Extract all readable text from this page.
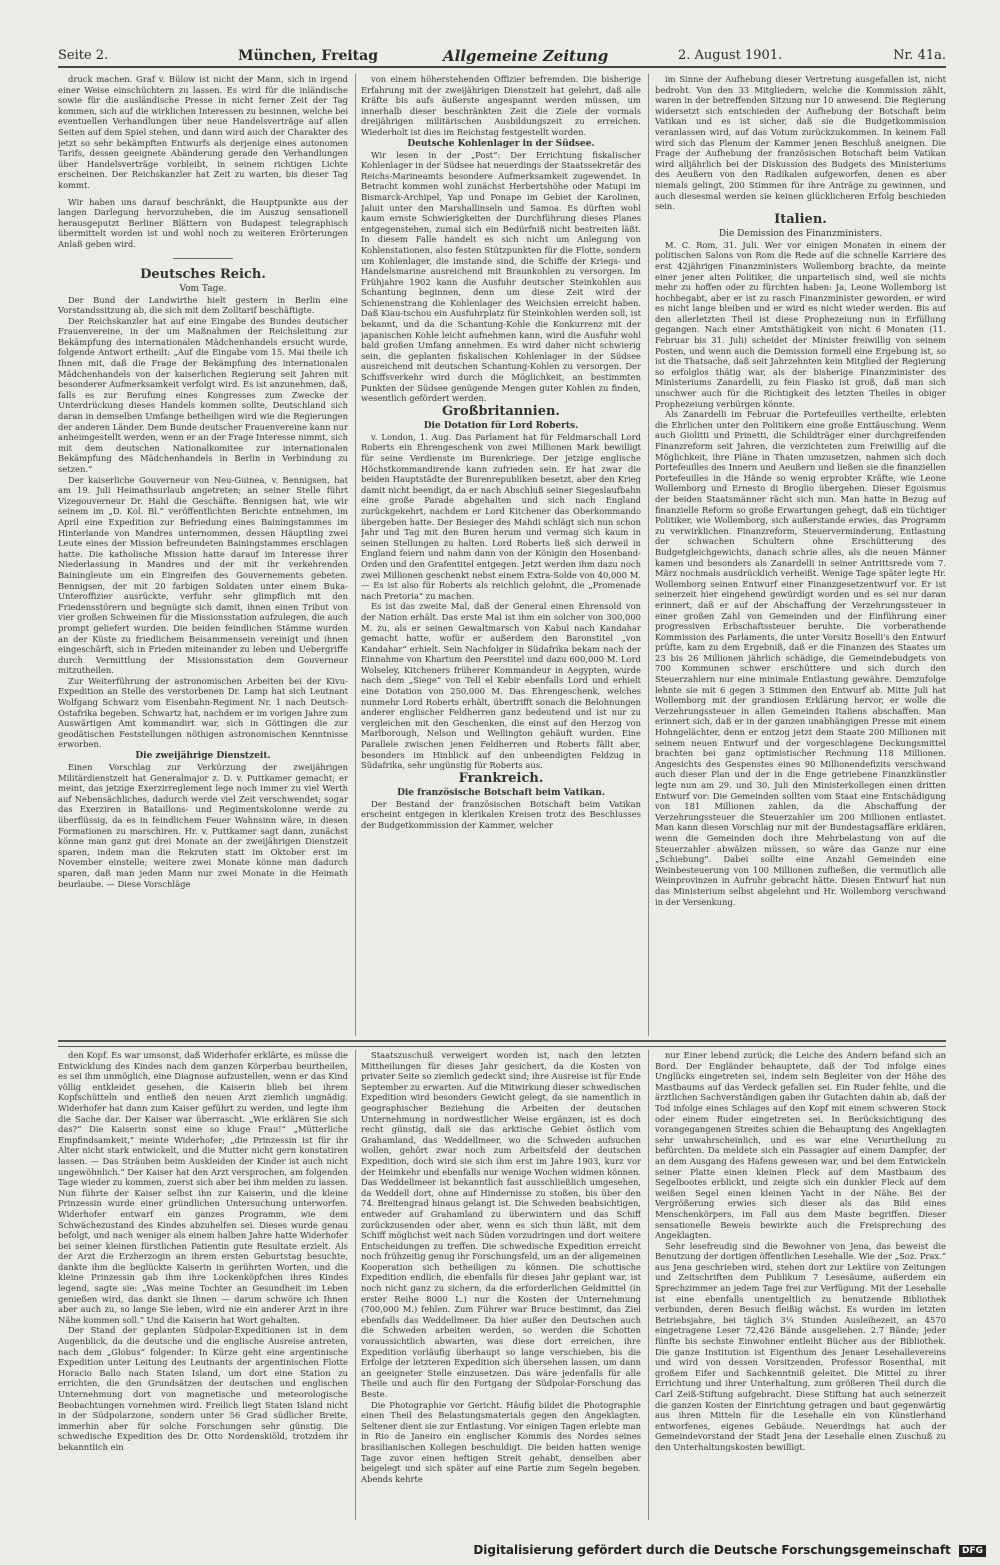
Seite 2.	München, Freitag	Allgemeine Zeitung	2. August 1901.	Nr. 41a.

druck machen. Graf v. Bülow ist nicht der Mann, sich in irgend einer Weise einschüchtern zu lassen. Es wird für die inländische sowie für die ausländische Presse in nicht ferner Zeit der Tag kommen, sich auf die wirklichen Interessen zu besinnen, welche bei eventuellen Verhandlungen über neue Handelsverträge auf allen Seiten auf dem Spiel stehen, und dann wird auch der Charakter des jetzt so sehr bekämpften Entwurfs als derjenige eines autonomen Tarifs, dessen geeignete Abänderung gerade den Verhandlungen über Handelsverträge vorbleibt, in seinem richtigen Lichte erscheinen. Der Reichskanzler hat Zeit zu warten, bis dieser Tag kommt.

Wir haben uns darauf beschränkt, die Hauptpunkte aus der langen Darlegung hervorzuheben, die im Auszug sensationell herausgeputzt Berliner Blättern von Budapest telegraphisch übermittelt worden ist und wohl noch zu weiteren Erörterungen Anlaß geben wird.

Deutsches Reich.

Vom Tage.

Der Bund der Landwirthe hielt gestern in Berlin eine Vorstandssitzung ab, die sich mit dem Zolltarif beschäftigte.

Der Reichskanzler hat auf eine Eingabe des Bundes deutscher Frauenvereine, in der um Maßnahmen der Reichsleitung zur Bekämpfung des internationalen Mädchenhandels ersucht wurde, folgende Antwort ertheilt: „Auf die Eingabe vom 15. Mai theile ich Ihnen mit, daß die Frage der Bekämpfung des internationalen Mädchenhandels von der kaiserlichen Regierung seit Jahren mit besonderer Aufmerksamkeit verfolgt wird. Es ist anzunehmen, daß, falls es zur Berufung eines Kongresses zum Zwecke der Unterdrückung dieses Handels kommen sollte, Deutschland sich daran in demselben Umfange betheiligen wird wie die Regierungen der anderen Länder. Dem Bunde deutscher Frauenvereine kann nur anheimgestellt werden, wenn er an der Frage Interesse nimmt, sich mit dem deutschen Nationalkomitee zur internationalen Bekämpfung des Mädchenhandels in Berlin in Verbindung zu setzen.“

Der kaiserliche Gouverneur von Neu-Guinea, v. Bennigsen, hat am 19. Juli Heimathsurlaub angetreten; an seiner Stelle führt Vizegouverneur Dr. Hahl die Geschäfte. Bennigsen hat, wie wir seinem im „D. Kol. Bl.“ veröffentlichten Berichte entnehmen, im April eine Expedition zur Befriedung eines Bainingstammes im Hinterlande von Mandres unternommen, dessen Häuptling zwei Leute eines der Mission befreundeten Bainingstammes erschlagen hatte. Die katholische Mission hatte darauf im Interesse ihrer Niederlassung in Mandres und der mit ihr verkehrenden Bainingleute um ein Eingreifen des Gouvernements gebeten. Bennigsen, der mit 20 farbigen Soldaten unter einem Buka-Unteroffizier ausrückte, verfuhr sehr glimpflich mit den Friedensstörern und begnügte sich damit, ihnen einen Tribut von vier großen Schweinen für die Missionsstation aufzulegen, die auch prompt geliefert wurden. Die beiden feindlichen Stämme wurden an der Küste zu friedlichem Beisammensein vereinigt und ihnen eingeschärft, sich in Frieden miteinander zu leben und Uebergriffe durch Vermittlung der Missionsstation dem Gouverneur mitzutheilen.

Zur Weiterführung der astronomischen Arbeiten bei der Kivu-Expedition an Stelle des verstorbenen Dr. Lamp hat sich Leutnant Wolfgang Schwarz vom Eisenbahn-Regiment Nr. 1 nach Deutsch-Ostafrika begeben. Schwartz hat, nachdem er im vorigen Jahre zum Auswärtigen Amt kommandirt war, sich in Göttingen die zur geodätischen Feststellungen nöthigen astronomischen Kenntnisse erworben.

Die zweijährige Dienstzeit.

Einen Vorschlag zur Verkürzung der zweijährigen Militärdienstzeit hat Generalmajor z. D. v. Puttkamer gemacht; er meint, das jetzige Exerzirreglement lege noch immer zu viel Werth auf Nebensächliches, dadurch werde viel Zeit verschwendet; sogar das Exerziren in Bataillons- und Regimentskolonne werde zu überflüssig, da es in feindlichem Feuer Wahnsinn wäre, in diesen Formationen zu marschiren. Hr. v. Puttkamer sagt dann, zunächst könne man ganz gut drei Monate an der zweijährigen Dienstzeit sparen, indem man die Rekruten statt im Oktober erst im November einstelle; weitere zwei Monate könne man dadurch sparen, daß man jeden Mann nur zwei Monate in die Heimath beurlaube. — Diese Vorschläge

von einem höherstehenden Offizier befremden. Die bisherige Erfahrung mit der zweijährigen Dienstzeit hat gelehrt, daß alle Kräfte bis aufs äußerste angespannt werden müssen, um innerhalb dieser beschränkten Zeit die Ziele der vormals dreijährigen militärischen Ausbildungszeit zu erreichen. Wiederholt ist dies im Reichstag festgestellt worden.

Deutsche Kohlenlager in der Südsee.

Wir lesen in der „Post“: Der Errichtung fiskalischer Kohlenlager in der Südsee hat neuerdings der Staatssekretär des Reichs-Marineamts besondere Aufmerksamkeit zugewendet. In Betracht kommen wohl zunächst Herbertshöhe oder Matupi im Bismarck-Archipel, Yap und Ponape im Gebiet der Karolinen, Jaluit unter den Marshallinseln und Samoa. Es dürften wohl kaum ernste Schwierigkeiten der Durchführung dieses Planes entgegenstehen, zumal sich ein Bedürfniß nicht bestreiten läßt. In diesem Falle handelt es sich nicht um Anlegung von Kohlenstationen, also festen Stützpunkten für die Flotte, sondern um Kohlenlager, die imstande sind, die Schiffe der Kriegs- und Handelsmarine ausreichend mit Braunkohlen zu versorgen. Im Frühjahre 1902 kann die Ausfuhr deutscher Steinkohlen aus Schantung beginnen, denn um diese Zeit wird der Schienenstrang die Kohlenlager des Weichsien erreicht haben. Daß Kiau-tschou ein Ausfuhrplatz für Steinkohlen werden soll, ist bekannt, und da die Schantung-Kohle die Konkurrenz mit der japanischen Kohle leicht aufnehmen kann, wird die Ausfuhr wohl bald großen Umfang annehmen. Es wird daher nicht schwierig sein, die geplanten fiskalischen Kohlenlager in der Südsee ausreichend mit deutschen Schantung-Kohlen zu versorgen. Der Schiffsverkehr wird durch die Möglichkeit, an bestimmten Punkten der Südsee genügende Mengen guter Kohlen zu finden, wesentlich gefördert werden.

Großbritannien.

Die Dotation für Lord Roberts.

v. London, 1. Aug. Das Parlament hat für Feldmarschall Lord Roberts ein Ehrengeschenk von zwei Millionen Mark bewilligt für seine Verdienste im Burenkriege. Der jetzige englische Höchstkommandirende kann zufrieden sein. Er hat zwar die beiden Hauptstädte der Burenrepubliken besetzt, aber den Krieg damit nicht beendigt, da er nach Abschluß seiner Siegeslaufbahn eine große Parade abgehalten und sich nach England zurückgekehrt, nachdem er Lord Kitchener das Oberkommando übergeben hatte. Der Besieger des Mahdi schlägt sich nun schon Jahr und Tag mit den Buren herum und vermag sich kaum in seinen Stellungen zu halten. Lord Roberts ließ sich derweil in England feiern und nahm dann von der Königin den Hosenband-Orden und den Grafentitel entgegen. Jetzt werden ihm dazu noch zwei Millionen geschenkt nebst einem Extra-Solde von 40,000 M. — Es ist also für Roberts als reichlich gelohnt, die „Promenade nach Pretoria“ zu machen.

Es ist das zweite Mal, daß der General einen Ehrensold von der Nation erhält. Das erste Mal ist ihm ein solcher von 300,000 M. zu, als er seinen Gewaltmarsch von Kabul nach Kandahar gemacht hatte, wofür er außerdem den Baronstitel „von Kandahar“ erhielt. Sein Nachfolger in Südafrika bekam nach der Einnahme von Khartum den Peerstitel und dazu 600,000 M. Lord Wolseley, Kitcheners früherer Kommandeur in Aegypten, wurde nach dem „Siege“ von Tell el Kebir ebenfalls Lord und erhielt eine Dotation von 250,000 M. Das Ehrengeschenk, welches nunmehr Lord Roberts erhält, übertrifft sonach die Belohnungen anderer englischer Feldherren ganz bedeutend und ist nur zu vergleichen mit den Geschenken, die einst auf den Herzog von Marlborough, Nelson und Wellington gehäuft wurden. Eine Parallele zwischen jenen Feldherren und Roberts fällt aber, besonders im Hinblick auf den unbeendigten Feldzug in Südafrika, sehr ungünstig für Roberts aus.

Frankreich.

Die französische Botschaft beim Vatikan.

Der Bestand der französischen Botschaft beim Vatikan erscheint entgegen in klerikalen Kreisen trotz des Beschlusses der Budgetkommission der Kammer, welcher

im Sinne der Aufhebung dieser Vertretung ausgefallen ist, nicht bedroht. Von den 33 Mitgliedern, welche die Kommission zählt, waren in der betreffenden Sitzung nur 10 anwesend. Die Regierung widersetzt sich entschieden der Aufhebung der Botschaft beim Vatikan und es ist sicher, daß sie die Budgetkommission veranlassen wird, auf das Votum zurückzukommen. In keinem Fall wird sich das Plenum der Kammer jenen Beschluß aneignen. Die Frage der Aufhebung der französischen Botschaft beim Vatikan wird alljährlich bei der Diskussion des Budgets des Ministeriums des Aeußern von den Radikalen aufgeworfen, denen es aber niemals gelingt, 200 Stimmen für ihre Anträge zu gewinnen, und auch diesesmal werden sie keinen glücklicheren Erfolg beschieden sein.

Italien.

Die Demission des Finanzministers.

M. C. Rom, 31. Juli. Wer vor einigen Monaten in einem der politischen Salons von Rom die Rede auf die schnelle Karriere des erst 42jährigen Finanzministers Wollemborg brachte, da meinte einer jener alten Politiker, die unparteiisch sind, weil sie nichts mehr zu hoffen oder zu fürchten haben: Ja, Leone Wollemborg ist hochbegabt, aber er ist zu rasch Finanzminister geworden, er wird es nicht lange bleiben und er wird es nicht wieder werden. Bis auf den allerletzten Theil ist diese Prophezeiung nun in Erfüllung gegangen. Nach einer Amtsthätigkeit von nicht 6 Monaten (11. Februar bis 31. Juli) scheidet der Minister freiwillig von seinem Posten, und wenn auch die Demission formell eine Ergebung ist, so ist die Thatsache, daß seit Jahrzehnten kein Mitglied der Regierung so erfolglos thätig war, als der bisherige Finanzminister des Ministeriums Zanardelli, zu fein Fiasko ist groß, daß man sich unschwer auch für die Richtigkeit des letzten Theiles in obiger Prophezeiung verbürgen könnte.

Als Zanardelli im Februar die Portefeuilles vertheilte, erlebten die Ehrlichen unter den Politikern eine große Enttäuschung. Wenn auch Giolitti und Prinetti, die Schildträger einer durchgreifenden Finanzreform seit Jahren, die verzichteten zum Freiwillig auf die Möglichkeit, ihre Pläne in Thaten umzusetzen, nahmen sich doch Portefeuilles des Innern und Aeußern und ließen sie die finanziellen Portefeuilles in die Hände so wenig erprobter Kräfte, wie Leone Wollemborg und Ernesto di Broglio übergehen. Dieser Egoismus der beiden Staatsmänner rächt sich nun. Man hatte in Bezug auf finanzielle Reform so große Erwartungen gehegt, daß ein tüchtiger Politiker, wie Wollemborg, sich außerstande erwies, das Programm zu verwirklichen. Finanzreform, Steuerverminderung, Entlastung der schwachen Schultern ohne Erschütterung des Budgetgleichgewichts, danach schrie alles, als die neuen Männer kamen und besonders als Zanardelli in seiner Antrittsrede vom 7. März nochmals ausdrücklich verheißt. Wenige Tage später legte Hr. Wollemborg seinen Entwurf einer Finanzgesetzentwurf vor. Er ist seinerzeit hier eingehend gewürdigt worden und es sei nur daran erinnert, daß er auf der Abschaffung der Verzehrungssteuer in einer großen Zahl von Gemeinden und der Einführung einer progressiven Erbschaftssteuer beruhte. Die vorberathende Kommission des Parlaments, die unter Vorsitz Boselli's den Entwurf prüfte, kam zu dem Ergebniß, daß er die Finanzen des Staates um 23 bis 26 Millionen jährlich schädige, die Gemeindebudgets von 700 Kommunen schwer erschüttere und sich durch den Steuerzahlern nur eine minimale Entlastung gewähre. Demzufolge lehnte sie mit 6 gegen 3 Stimmen den Entwurf ab. Mitte Juli hat Wollemborg mit der grandiosen Erklärung hervor, er wolle die Verzehrungssteuer in allen Gemeinden Italiens abschaffen. Man erinnert sich, daß er in der ganzen unabhängigen Presse mit einem Hohngelächter, denn er entzog jetzt dem Staate 200 Millionen mit seinem neuen Entwurf und der vorgeschlagene Deckungsmittel brachten bei ganz optimistischer Rechnung 118 Millionen. Angesichts des Gespenstes eines 90 Millionendefizits verschwand auch dieser Plan und der in die Enge getriebene Finanzkünstler legte nun am 29. und 30. Juli den Ministerkollegen einen dritten Entwurf vor: Die Gemeinden sollten vom Staat eine Entschädigung von 181 Millionen zahlen, da die Abschaffung der Verzehrungssteuer die Steuerzahler um 200 Millionen entlastet. Man kann diesen Vorschlag nur mit der Bundestagsaffäre erklären, wenn die Gemeinden doch ihre Mehrbelastung von auf die Steuerzahler abwälzen müssen, so wäre das Ganze nur eine „Schiebung“. Dabei sollte eine Anzahl Gemeinden eine Weinbesteuerung von 100 Millionen zufließen, die vermutlich alle Weinprovinzen in Aufruhr gebracht hätte. Diesen Entwurf hat nun das Ministerium selbst abgelehnt und Hr. Wollemborg verschwand in der Versenkung.

den Kopf. Es war umsonst, daß Widerhofer erklärte, es müsse die Entwicklung des Kindes nach dem ganzen Körperbau beurtheilen, es sei ihm unmöglich, eine Diagnose aufzustellen, wenn er das Kind völlig entkleidet gesehen, die Kaiserin blieb bei ihrem Kopfschütteln und entließ den neuen Arzt ziemlich ungnädig. Widerhofer hat dann zum Kaiser geführt zu werden, und legte ihm die Sache dar. Der Kaiser war überrascht. „Wie erklären Sie sich das?“ Die Kaiserin sonst eine so kluge Frau!“ „Mütterliche Empfindsamkeit,“ meinte Widerhofer; „die Prinzessin ist für ihr Alter nicht stark entwickelt, und die Mutter nicht gern konstatiren lassen. — Das Sträuben beim Auskleiden der Kinder ist auch nicht ungewöhnlich.“ Der Kaiser hat den Arzt versprochen, am folgenden Tage wieder zu kommen, zuerst sich aber bei ihm melden zu lassen. Nun führte der Kaiser selbst ihn zur Kaiserin, und die kleine Prinzessin wurde einer gründlichen Untersuchung unterworfen. Widerhofer entwarf ein ganzes Programm, wie dem Schwächezustand des Kindes abzuhelfen sei. Dieses wurde genau befolgt, und nach weniger als einem halben Jahre hatte Widerhofer bei seiner kleinen fürstlichen Patientin gute Resultate erzielt. Als der Arzt die Erzherzogin an ihrem ersten Geburtstag besuchte, dankte ihm die beglückte Kaiserin in gerührten Worten, und die kleine Prinzessin gab ihm ihre Lockenköpfchen ihres Kindes legend, sagte sie: „Was meine Tochter an Gesundheit im Leben genießen wird, das dankt sie Ihnen — darum schwöre ich Ihnen aber auch zu, so lange Sie leben, wird nie ein anderer Arzt in ihre Nähe kommen soll.“ Und die Kaiserin hat Wort gehalten.

Der Stand der geplanten Südpolar-Expeditionen ist in dem Augenblick, da die deutsche und die englische Ausreise antreten, nach dem „Globus“ folgender: In Kürze geht eine argentinische Expedition unter Leitung des Leutnants der argentinischen Flotte Horacio Ballo nach Staten Island, um dort eine Station zu errichten, die den Grundsätzen der deutschen und englischen Unternehmung dort von magnetische und meteorologische Beobachtungen vornehmen wird. Freilich liegt Staten Island nicht in der Südpolarzone, sondern unter 56 Grad südlicher Breite, immerhin aber für solche Forschungen sehr günstig. Die schwedische Expedition des Dr. Otto Nordenskiöld, trotzdem ihr bekanntlich ein

Staatszuschuß verweigert worden ist, nach den letzten Mittheilungen für dieses Jahr gesichert, da die Kosten von privater Seite so ziemlich gedeckt sind; ihre Ausreise ist für Ende September zu erwarten. Auf die Mitwirkung dieser schwedischen Expedition wird besonders Gewicht gelegt, da sie namentlich in geographischer Beziehung die Arbeiten der deutschen Unternehmung in nordwestlicher Weise ergänzen, ist es doch recht günstig, daß sie das arktische Gebiet östlich vom Grahamland, das Weddellmeer, wo die Schweden aufsuchen wollen, gehört zwar noch zum Arbeitsfeld der deutschen Expedition, doch wird sie sich ihm erst im Jahre 1903, kurz vor der Heimkehr und ebenfalls nur wenige Wochen widmen können. Das Weddellmeer ist bekanntlich fast ausschließlich umgesehen, da Weddell dort, ohne auf Hindernisse zu stoßen, bis über den 74. Breitengrad hinaus gelangt ist. Die Schweden beabsichtigen, entweder auf Grahamland zu überwintern und das Schiff zurückzusenden oder aber, wenn es sich thun läßt, mit dem Schiff möglichst weit nach Süden vorzudringen und dort weitere Entscheidungen zu treffen. Die schwedische Expedition erreicht noch frühzeitig genug ihr Forschungsfeld, um an der allgemeinen Kooperation sich betheiligen zu können. Die schottische Expedition endlich, die ebenfalls für dieses Jahr geplant war, ist noch nicht ganz zu sichern, da die erforderlichen Geldmittel (in erster Reihe 8000 L.) nur die Kosten der Unternehmung (700,000 M.) fehlen. Zum Führer war Bruce bestimmt, das Ziel ebenfalls das Weddellmeer. Da hier außer den Deutschen auch die Schweden arbeiten werden, so werden die Schotten voraussichtlich abwarten, was diese dort erreichen, ihre Expedition vorläufig überhaupt so lange verschieben, bis die Erfolge der letzteren Expedition sich übersehen lassen, um dann an geeigneter Stelle einzusetzen. Das wäre jedenfalls für alle Theile und auch für den Fortgang der Südpolar-Forschung das Beste.

Die Photographie vor Gericht. Häufig bildet die Photographie einen Theil des Belastungsmaterials gegen den Angeklagten. Seltener dient sie zur Entlastung. Vor einigen Tagen erlebte man in Rio de Janeiro ein englischer Kommis des Nordes seines brasilianischen Kollegen beschuldigt. Die beiden hatten wenige Tage zuvor einen heftigen Streit gehabt, denselben aber beigelegt und sich später auf eine Partie zum Segeln begeben. Abends kehrte

nur Einer lebend zurück; die Leiche des Andern befand sich an Bord. Der Engländer behauptete, daß der Tod infolge eines Unglücks eingetreten sei, indem sein Begleiter von der Höhe des Mastbaums auf das Verdeck gefallen sei. Ein Ruder fehlte, und die ärztlichen Sachverständigen gaben ihr Gutachten dahin ab, daß der Tod infolge eines Schlages auf den Kopf mit einem schweren Stock oder einem Ruder eingetreten sei. In Berücksichtigung des vorangegangenen Streites schien die Behauptung des Angeklagten sehr unwahrscheinlich, und es war eine Verurtheilung zu befürchten. Da meldete sich ein Passagier auf einem Dampfer, der an dem Ausgang des Hafens gewesen war, und bei dem Entwickeln seiner Platte einen kleinen Fleck auf dem Mastbaum des Segelbootes erblickt, und zeigte sich ein dunkler Fleck auf dem weißen Segel einen kleinen Yacht in der Nähe. Bei der Vergrößerung erwies sich dieser als das Bild eines Menschenkörpers, im Fall aus dem Maste begriffen. Dieser sensationelle Beweis bewirkte auch die Freisprechung des Angeklagten.

Sehr lesefreudig sind die Bewohner von Jena, das beweist die Benutzung der dortigen öffentlichen Lesehalle. Wie der „Soz. Prax.“ aus Jena geschrieben wird, stehen dort zur Lektüre von Zeitungen und Zeitschriften dem Publikum 7 Lesesäume, außerdem ein Sprechzimmer an jedem Tage frei zur Verfügung. Mit der Lesehalle ist eine ebenfalls unentgeltlich zu benutzende Bibliothek verbunden, deren Besuch fleißig wächst. Es wurden im letzten Betriebsjahre, bei täglich 3¼ Stunden Ausleihezeit, an 4570 eingetragene Leser 72,426 Bände ausgeliehen. 2.7 Bände; jeder fünfte bis sechste Einwohner entleiht Bücher aus der Bibliothek. Die ganze Institution ist Eigenthum des Jenaer Lesehallevereins und wird von dessen Vorsitzenden, Professor Rosenthal, mit großem Eifer und Sachkenntniß geleitet. Die Mittel zu ihrer Errichtung und ihrer Unterhaltung, zum größeren Theil durch die Carl Zeiß-Stiftung aufgebracht. Diese Stiftung hat auch seinerzeit die ganzen Kosten der Einrichtung getragen und baut gegenwärtig aus ihren Mitteln für die Lesehalle ein von Künstlerhand entworfenes, eigenes Gebäude. Neuerdings hat auch der Gemeindevorstand der Stadt Jena der Lesehalle einen Zuschuß zu den Unterhaltungskosten bewilligt.

Digitalisierung gefördert durch die Deutsche Forschungsgemeinschaft DFG
